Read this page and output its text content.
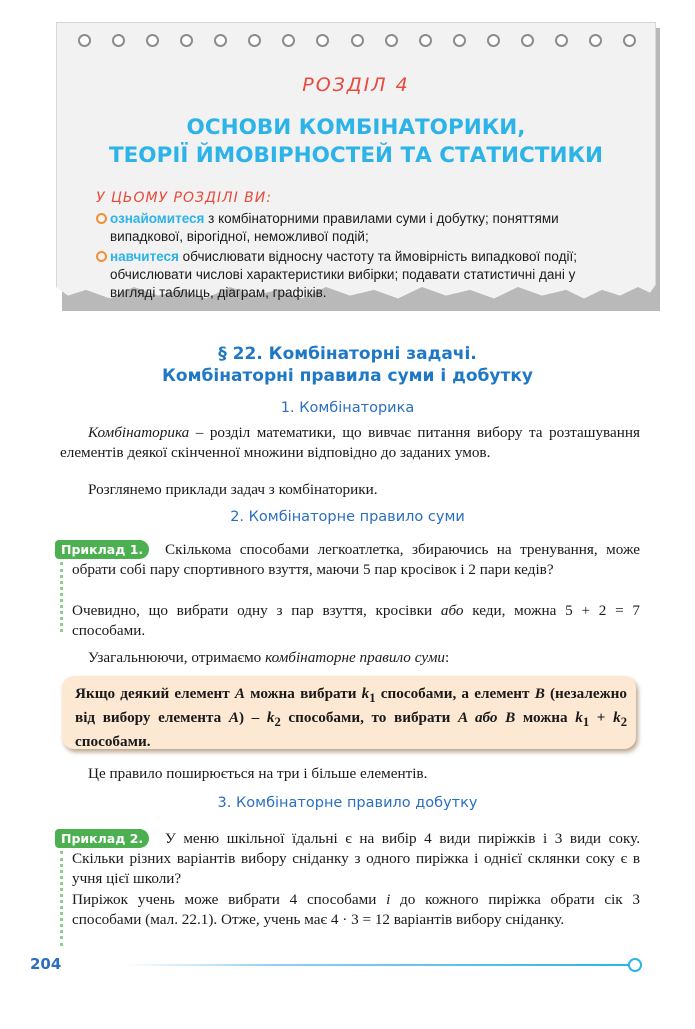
РОЗДІЛ 4
ОСНОВИ КОМБІНАТОРИКИ,
ТЕОРІЇ ЙМОВІРНОСТЕЙ ТА СТАТИСТИКИ
У ЦЬОМУ РОЗДІЛІ ВИ:
ознайомитеся з комбінаторними правилами суми і добутку; поняттями випадкової, вірогідної, неможливої подій;
навчитеся обчислювати відносну частоту та ймовірність випадкової події; обчислювати числові характеристики вибірки; подавати статистичні дані у вигляді таблиць, діаграм, графіків.
§ 22. Комбінаторні задачі.
Комбінаторні правила суми і добутку
1. Комбінаторика
Комбінаторика – розділ математики, що вивчає питання вибору та розташування елементів деякої скінченної множини відповідно до заданих умов.
Розглянемо приклади задач з комбінаторики.
2. Комбінаторне правило суми
Приклад 1.	Скількома способами легкоатлетка, збираючись на тренування, може обрати собі пару спортивного взуття, маючи 5 пар кросівок і 2 пари кедів?
Очевидно, що вибрати одну з пар взуття, кросівки або кеди, можна 5 + 2 = 7 способами.
Узагальнюючи, отримаємо комбінаторне правило суми:
Якщо деякий елемент A можна вибрати $k_1$ способами, а елемент B (незалежно від вибору елемента $A) - k_2$ способами, то вибрати A або B можна $k_1 + k_2$ способами.
Це правило поширюється на три і більше елементів.
3. Комбінаторне правило добутку
Приклад 2.	У меню шкільної їдальні є на вибір 4 види пиріжків і 3 види соку. Скільки різних варіантів вибору сніданку з одного пиріжка і однієї склянки соку є в учня цієї школи?
Пиріжок учень може вибрати 4 способами і до кожного пиріжка обрати сік 3 способами (мал. 22.1). Отже, учень має 4 · 3 = 12 варіантів вибору сніданку.
204
